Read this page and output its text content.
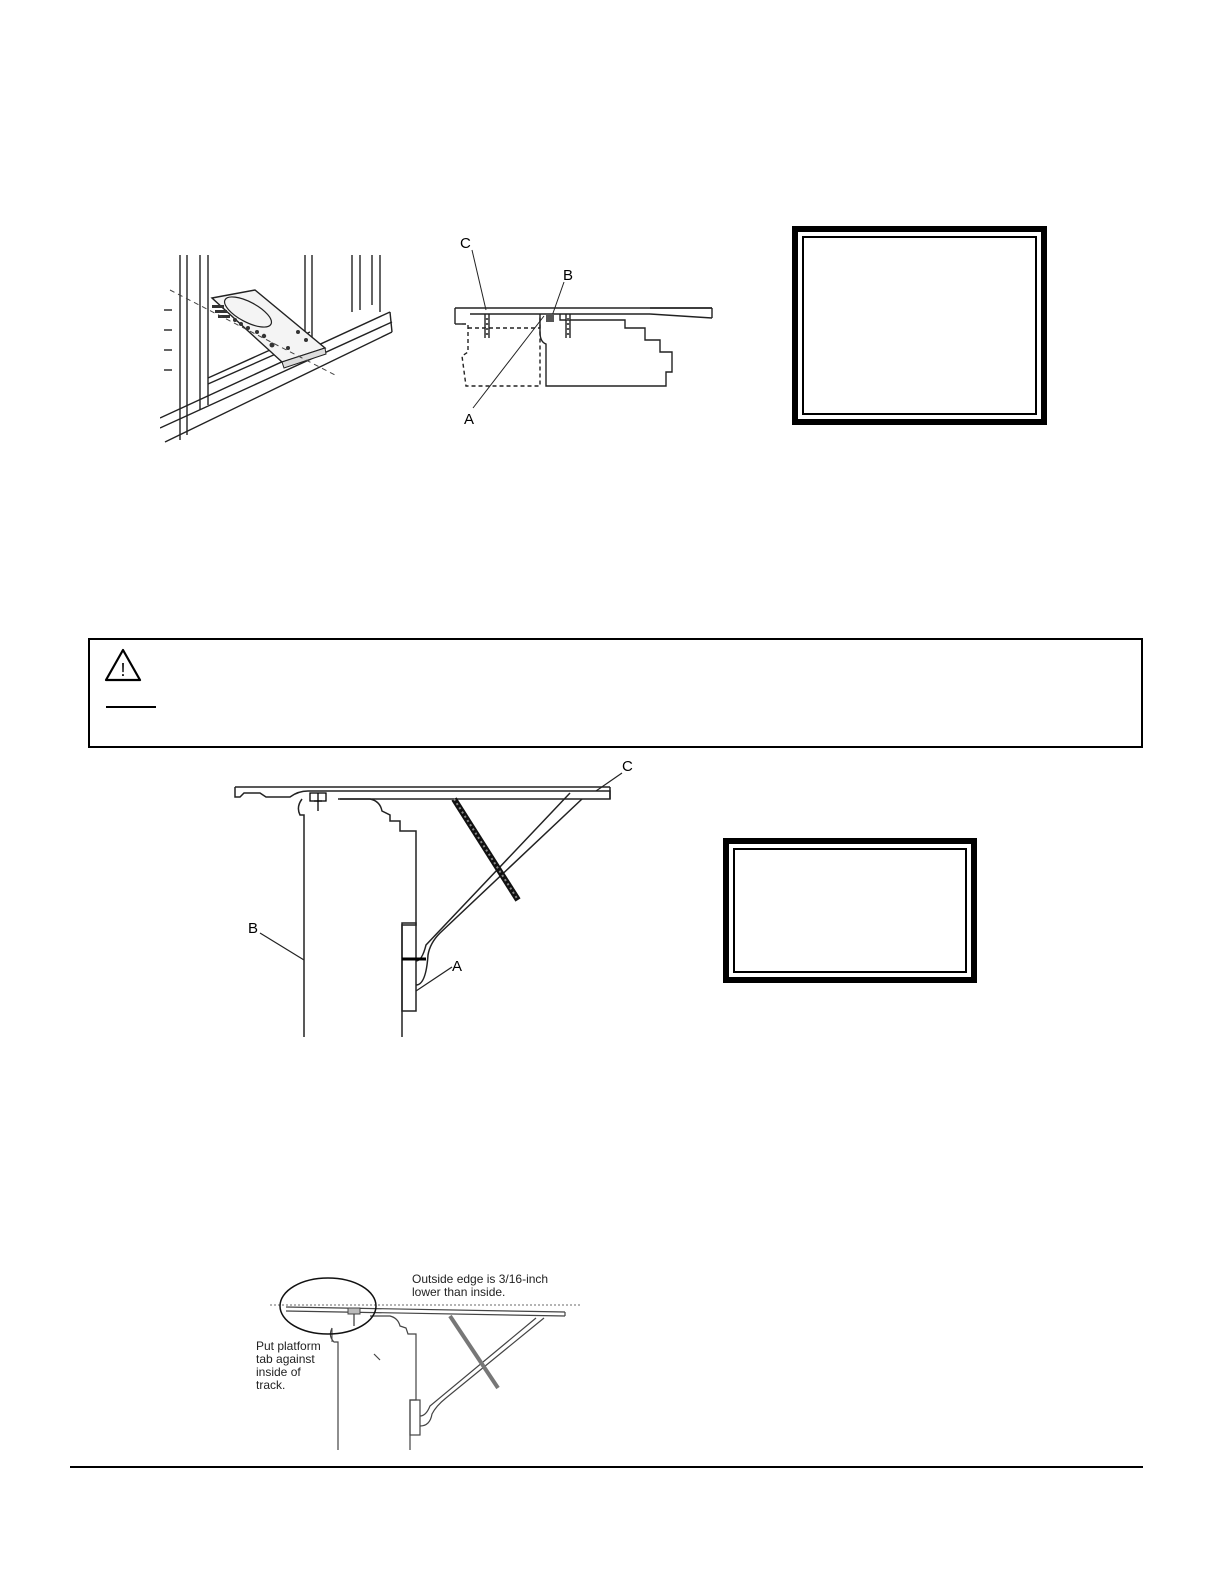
C
B
A
!
B
A
C
Outside edge is 3/16-inch
lower than inside.
Put platform
tab against
inside of
track.
